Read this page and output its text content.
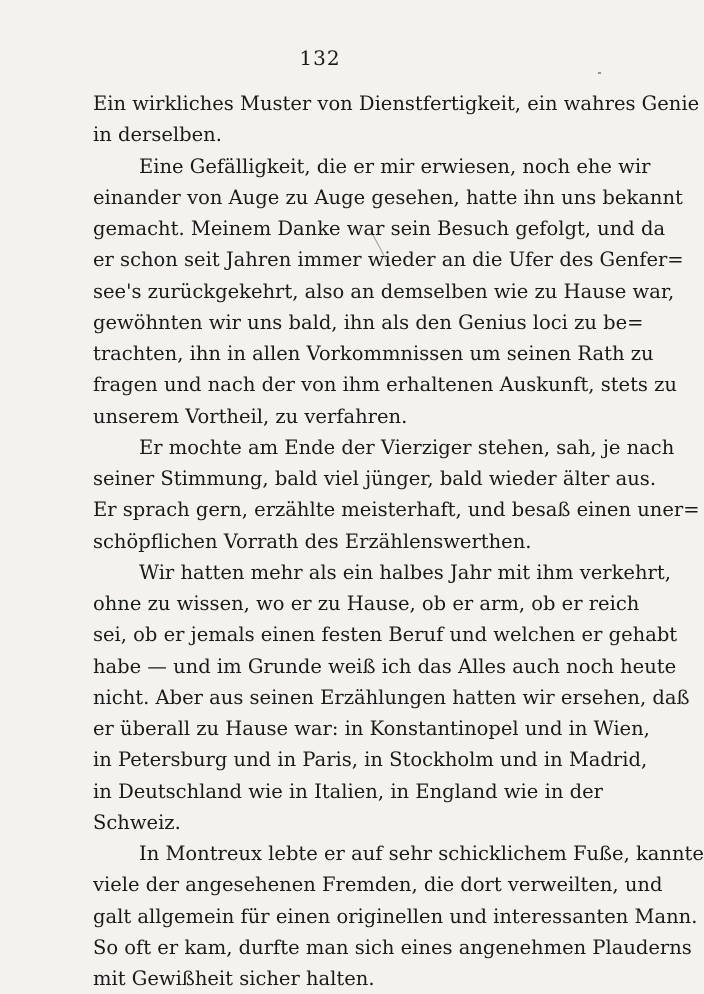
132
Ein wirkliches Muster von Dienstfertigkeit, ein wahres Genie
in derselben.
Eine Gefälligkeit, die er mir erwiesen, noch ehe wir
einander von Auge zu Auge gesehen, hatte ihn uns bekannt
gemacht. Meinem Danke war sein Besuch gefolgt, und da
er schon seit Jahren immer wieder an die Ufer des Genfer=
see's zurückgekehrt, also an demselben wie zu Hause war,
gewöhnten wir uns bald, ihn als den Genius loci zu be=
trachten, ihn in allen Vorkommnissen um seinen Rath zu
fragen und nach der von ihm erhaltenen Auskunft, stets zu
unserem Vortheil, zu verfahren.
Er mochte am Ende der Vierziger stehen, sah, je nach
seiner Stimmung, bald viel jünger, bald wieder älter aus.
Er sprach gern, erzählte meisterhaft, und besaß einen uner=
schöpflichen Vorrath des Erzählenswerthen.
Wir hatten mehr als ein halbes Jahr mit ihm verkehrt,
ohne zu wissen, wo er zu Hause, ob er arm, ob er reich
sei, ob er jemals einen festen Beruf und welchen er gehabt
habe — und im Grunde weiß ich das Alles auch noch heute
nicht. Aber aus seinen Erzählungen hatten wir ersehen, daß
er überall zu Hause war: in Konstantinopel und in Wien,
in Petersburg und in Paris, in Stockholm und in Madrid,
in Deutschland wie in Italien, in England wie in der
Schweiz.
In Montreux lebte er auf sehr schicklichem Fuße, kannte
viele der angesehenen Fremden, die dort verweilten, und
galt allgemein für einen originellen und interessanten Mann.
So oft er kam, durfte man sich eines angenehmen Plauderns
mit Gewißheit sicher halten.
